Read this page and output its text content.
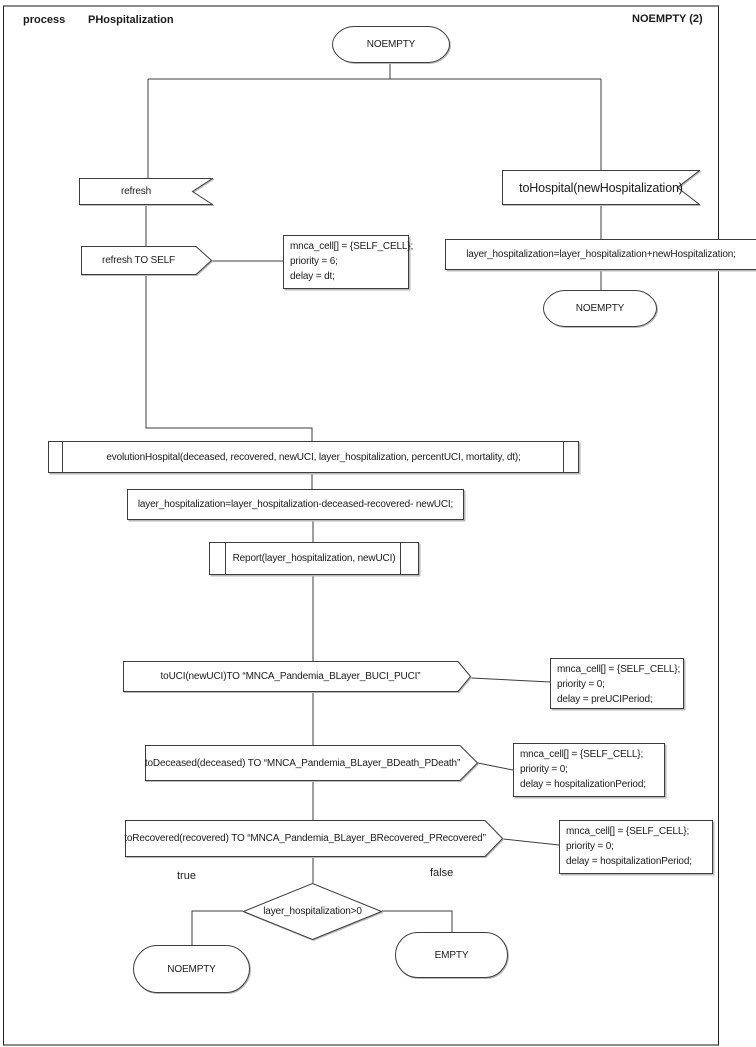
process PHospitalization	NOEMPTY (2)
NOEMPTY
refresh
refresh TO SELF
mnca_cell[] = {SELF_CELL};
priority = 6;
delay = dt;
toHospital(newHospitalization)
layer_hospitalization=layer_hospitalization+newHospitalization;
NOEMPTY
evolutionHospital(deceased, recovered, newUCI, layer_hospitalization, percentUCI, mortality, dt);
layer_hospitalization=layer_hospitalization-deceased-recovered- newUCI;
Report(layer_hospitalization, newUCI)
toUCI(newUCI)TO “MNCA_Pandemia_BLayer_BUCI_PUCI”
mnca_cell[] = {SELF_CELL};
priority = 0;
delay = preUCIPeriod;
toDeceased(deceased) TO “MNCA_Pandemia_BLayer_BDeath_PDeath”
mnca_cell[] = {SELF_CELL};
priority = 0;
delay = hospitalizationPeriod;
toRecovered(recovered) TO “MNCA_Pandemia_BLayer_BRecovered_PRecovered”
mnca_cell[] = {SELF_CELL};
priority = 0;
delay = hospitalizationPeriod;
layer_hospitalization>0
true	false
NOEMPTY
EMPTY
